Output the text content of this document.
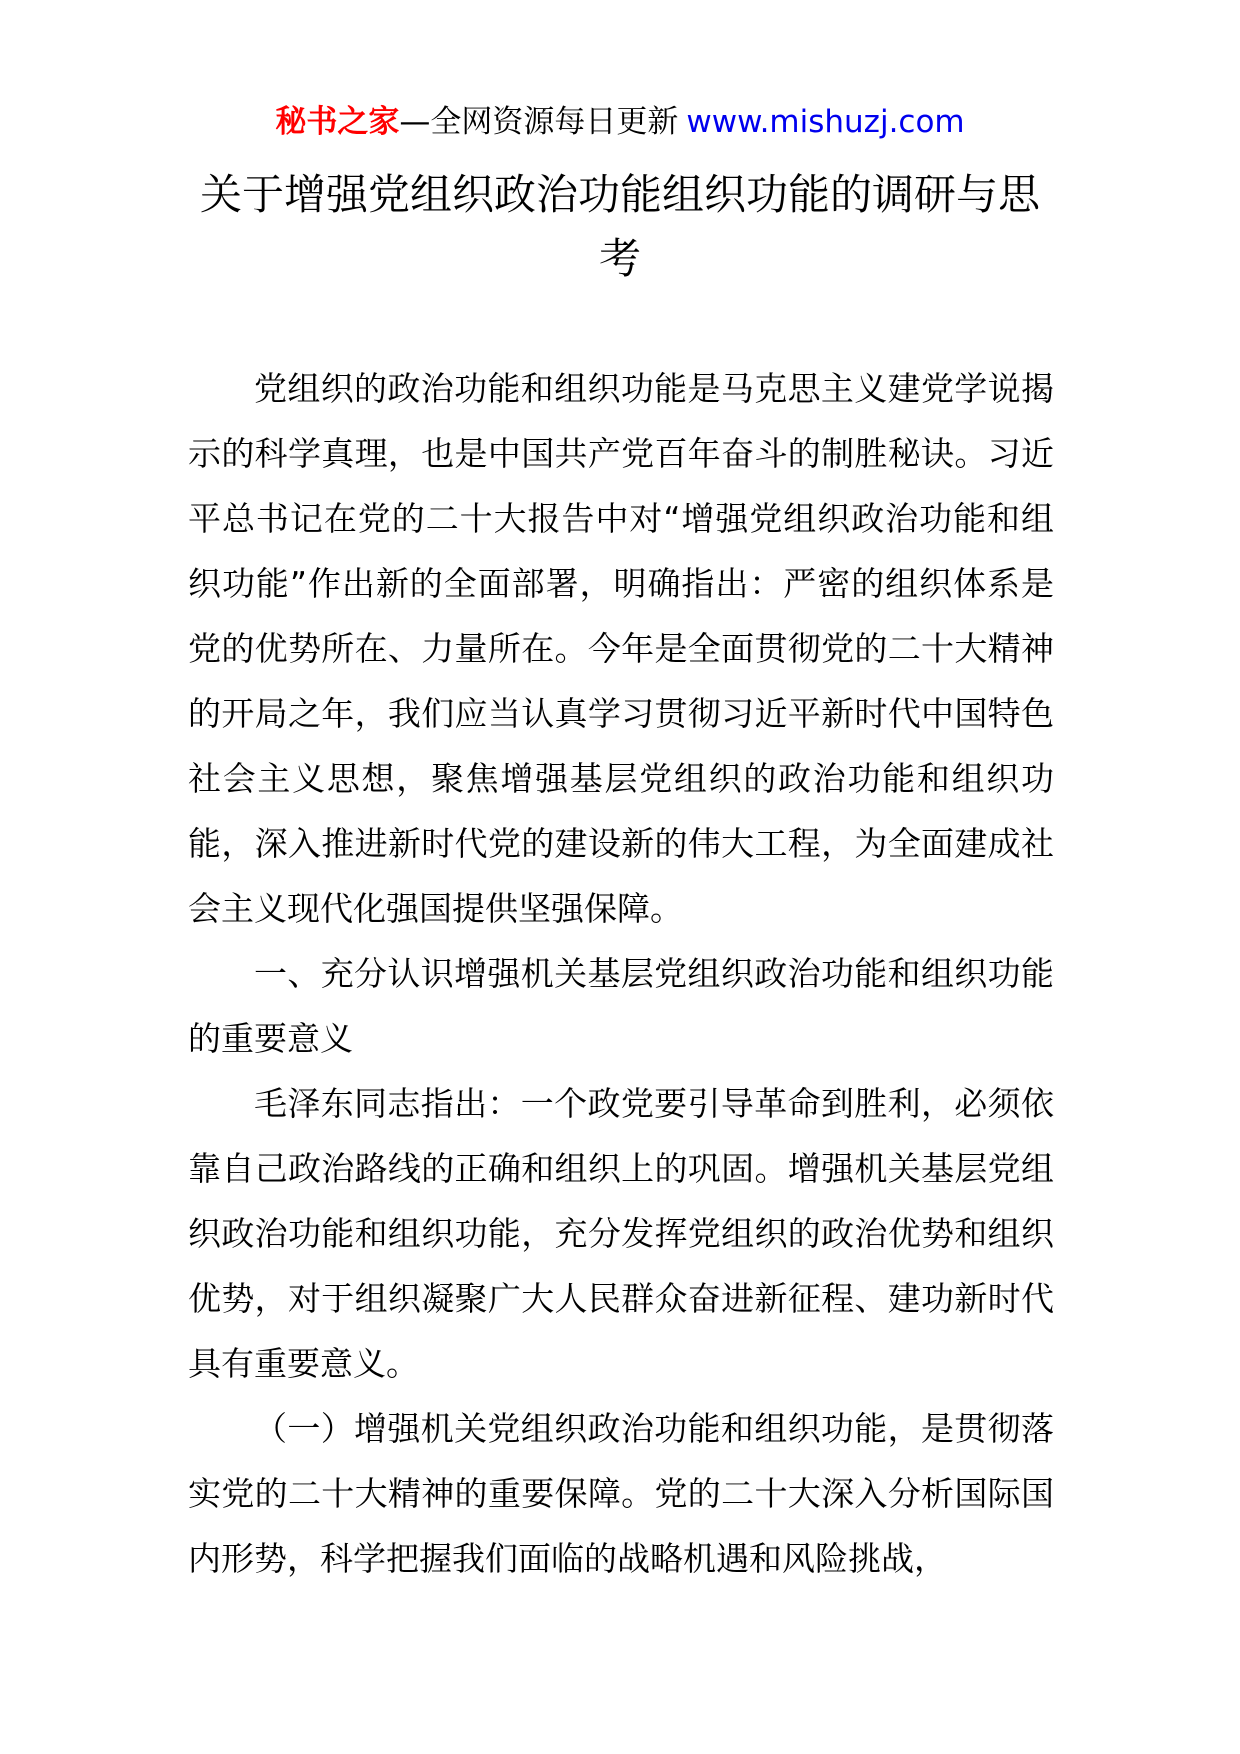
秘书之家—全网资源每日更新 www.mishuzj.com
关于增强党组织政治功能组织功能的调研与思考

党组织的政治功能和组织功能是马克思主义建党学说揭示的科学真理，也是中国共产党百年奋斗的制胜秘诀。习近平总书记在党的二十大报告中对“增强党组织政治功能和组织功能”作出新的全面部署，明确指出：严密的组织体系是党的优势所在、力量所在。今年是全面贯彻党的二十大精神的开局之年，我们应当认真学习贯彻习近平新时代中国特色社会主义思想，聚焦增强基层党组织的政治功能和组织功能，深入推进新时代党的建设新的伟大工程，为全面建成社会主义现代化强国提供坚强保障。

一、充分认识增强机关基层党组织政治功能和组织功能的重要意义

毛泽东同志指出：一个政党要引导革命到胜利，必须依靠自己政治路线的正确和组织上的巩固。增强机关基层党组织政治功能和组织功能，充分发挥党组织的政治优势和组织优势，对于组织凝聚广大人民群众奋进新征程、建功新时代具有重要意义。

（一）增强机关党组织政治功能和组织功能，是贯彻落实党的二十大精神的重要保障。党的二十大深入分析国际国内形势，科学把握我们面临的战略机遇和风险挑战，
